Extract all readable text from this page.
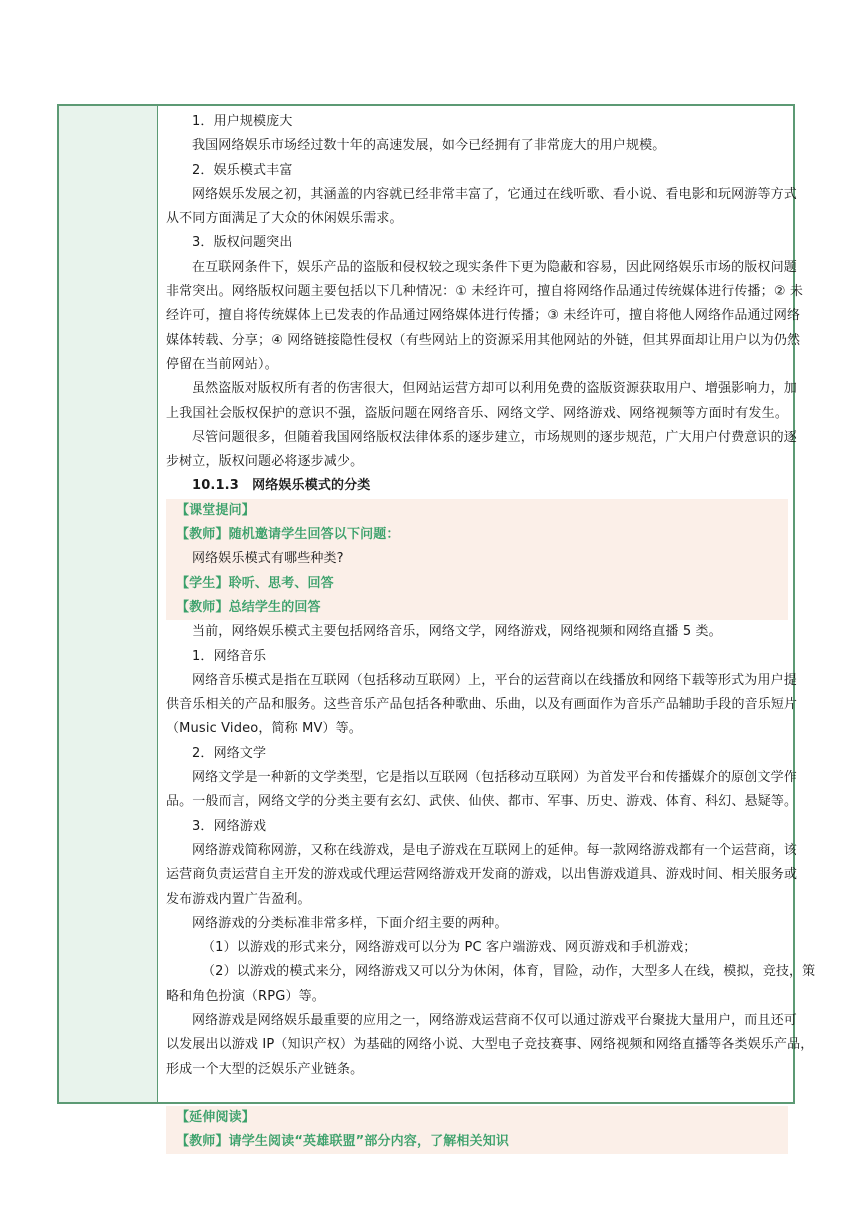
1．用户规模庞大
我国网络娱乐市场经过数十年的高速发展，如今已经拥有了非常庞大的用户规模。
2．娱乐模式丰富
网络娱乐发展之初，其涵盖的内容就已经非常丰富了，它通过在线听歌、看小说、看电影和玩网游等方式
从不同方面满足了大众的休闲娱乐需求。
3．版权问题突出
在互联网条件下，娱乐产品的盗版和侵权较之现实条件下更为隐蔽和容易，因此网络娱乐市场的版权问题
非常突出。网络版权问题主要包括以下几种情况：① 未经许可，擅自将网络作品通过传统媒体进行传播；② 未
经许可，擅自将传统媒体上已发表的作品通过网络媒体进行传播；③ 未经许可，擅自将他人网络作品通过网络
媒体转载、分享；④ 网络链接隐性侵权（有些网站上的资源采用其他网站的外链，但其界面却让用户以为仍然
停留在当前网站）。
虽然盗版对版权所有者的伤害很大，但网站运营方却可以利用免费的盗版资源获取用户、增强影响力，加
上我国社会版权保护的意识不强，盗版问题在网络音乐、网络文学、网络游戏、网络视频等方面时有发生。
尽管问题很多，但随着我国网络版权法律体系的逐步建立，市场规则的逐步规范，广大用户付费意识的逐
步树立，版权问题必将逐步减少。
10.1.3　网络娱乐模式的分类
【课堂提问】
【教师】随机邀请学生回答以下问题：
网络娱乐模式有哪些种类?
【学生】聆听、思考、回答
【教师】总结学生的回答
当前，网络娱乐模式主要包括网络音乐，网络文学，网络游戏，网络视频和网络直播 5 类。
1．网络音乐
网络音乐模式是指在互联网（包括移动互联网）上，平台的运营商以在线播放和网络下载等形式为用户提
供音乐相关的产品和服务。这些音乐产品包括各种歌曲、乐曲，以及有画面作为音乐产品辅助手段的音乐短片
（Music Video，简称 MV）等。
2．网络文学
网络文学是一种新的文学类型，它是指以互联网（包括移动互联网）为首发平台和传播媒介的原创文学作
品。一般而言，网络文学的分类主要有玄幻、武侠、仙侠、都市、军事、历史、游戏、体育、科幻、悬疑等。
3．网络游戏
网络游戏简称网游，又称在线游戏，是电子游戏在互联网上的延伸。每一款网络游戏都有一个运营商，该
运营商负责运营自主开发的游戏或代理运营网络游戏开发商的游戏，以出售游戏道具、游戏时间、相关服务或
发布游戏内置广告盈利。
网络游戏的分类标准非常多样，下面介绍主要的两种。
（1）以游戏的形式来分，网络游戏可以分为 PC 客户端游戏、网页游戏和手机游戏；
（2）以游戏的模式来分，网络游戏又可以分为休闲，体育，冒险，动作，大型多人在线，模拟，竞技，策
略和角色扮演（RPG）等。
网络游戏是网络娱乐最重要的应用之一，网络游戏运营商不仅可以通过游戏平台聚拢大量用户，而且还可
以发展出以游戏 IP（知识产权）为基础的网络小说、大型电子竞技赛事、网络视频和网络直播等各类娱乐产品，
形成一个大型的泛娱乐产业链条。
【延伸阅读】
【教师】请学生阅读“英雄联盟”部分内容，了解相关知识
